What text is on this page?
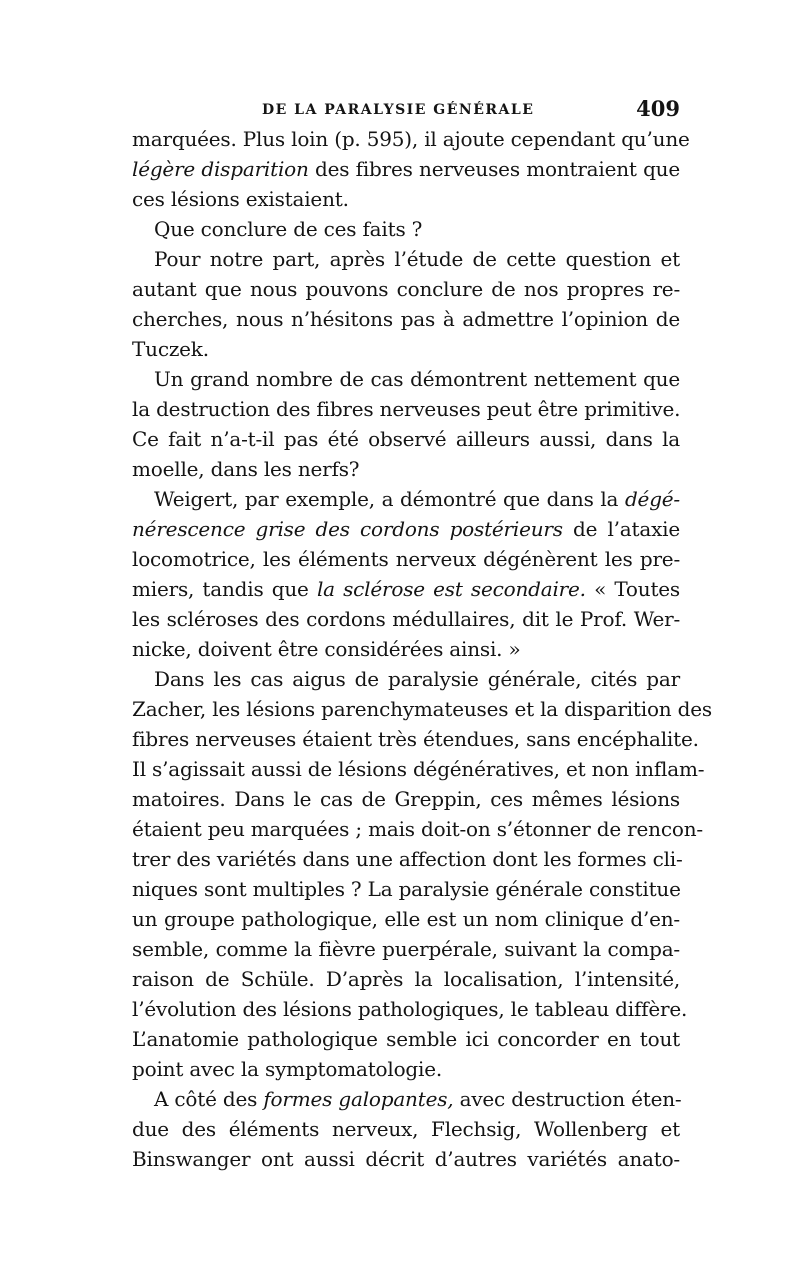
DE LA PARALYSIE GÉNÉRALE	409
marquées. Plus loin (p. 595), il ajoute cependant qu’une
légère disparition des fibres nerveuses montraient que
ces lésions existaient.
Que conclure de ces faits ?
Pour notre part, après l’étude de cette question et
autant que nous pouvons conclure de nos propres re-
cherches, nous n’hésitons pas à admettre l’opinion de
Tuczek.
Un grand nombre de cas démontrent nettement que
la destruction des fibres nerveuses peut être primitive.
Ce fait n’a-t-il pas été observé ailleurs aussi, dans la
moelle, dans les nerfs?
Weigert, par exemple, a démontré que dans la dégé-
nérescence grise des cordons postérieurs de l’ataxie
locomotrice, les éléments nerveux dégénèrent les pre-
miers, tandis que la sclérose est secondaire. « Toutes
les scléroses des cordons médullaires, dit le Prof. Wer-
nicke, doivent être considérées ainsi. »
Dans les cas aigus de paralysie générale, cités par
Zacher, les lésions parenchymateuses et la disparition des
fibres nerveuses étaient très étendues, sans encéphalite.
Il s’agissait aussi de lésions dégénératives, et non inflam-
matoires. Dans le cas de Greppin, ces mêmes lésions
étaient peu marquées ; mais doit-on s’étonner de rencon-
trer des variétés dans une affection dont les formes cli-
niques sont multiples ? La paralysie générale constitue
un groupe pathologique, elle est un nom clinique d’en-
semble, comme la fièvre puerpérale, suivant la compa-
raison de Schüle. D’après la localisation, l’intensité,
l’évolution des lésions pathologiques, le tableau diffère.
L’anatomie pathologique semble ici concorder en tout
point avec la symptomatologie.
A côté des formes galopantes, avec destruction éten-
due des éléments nerveux, Flechsig, Wollenberg et
Binswanger ont aussi décrit d’autres variétés anato-
